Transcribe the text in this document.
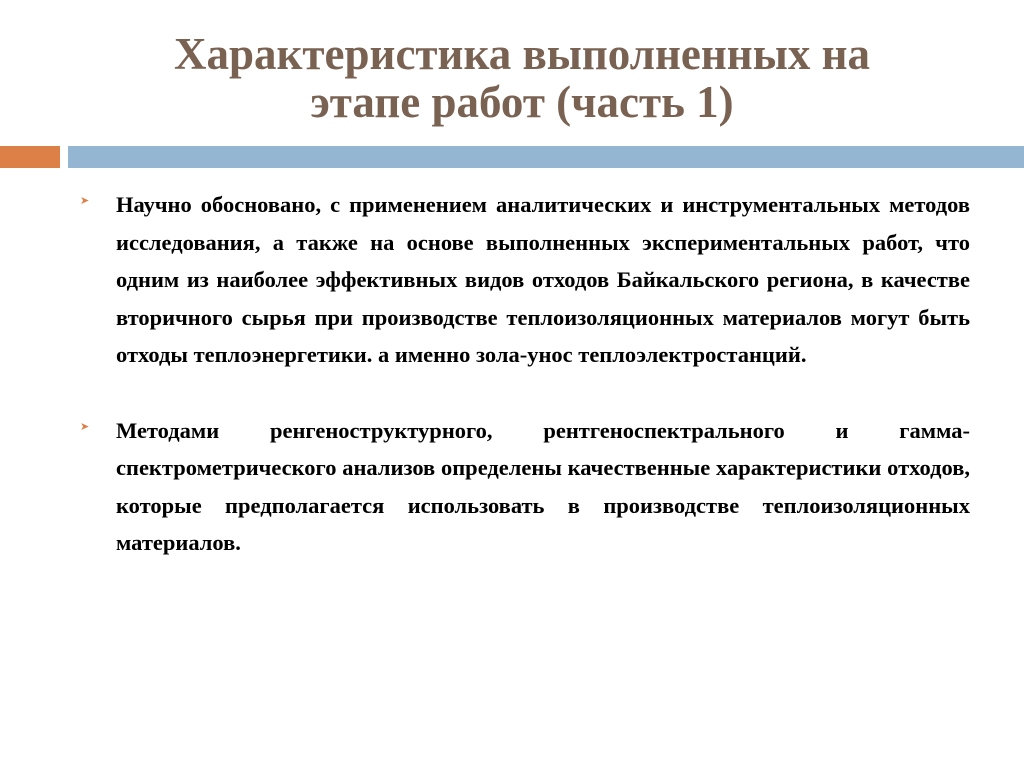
Характеристика выполненных на
этапе работ (часть 1)
➤ Научно обосновано, с применением аналитических и инструментальных методов исследования, а также на основе выполненных экспериментальных работ, что одним из наиболее эффективных видов отходов Байкальского региона, в качестве вторичного сырья при производстве теплоизоляционных материалов могут быть отходы теплоэнергетики. а именно зола-унос теплоэлектростанций.

➤ Методами ренгеноструктурного, рентгеноспектрального и гамма-спектрометрического анализов определены качественные характеристики отходов, которые предполагается использовать в производстве теплоизоляционных материалов.
